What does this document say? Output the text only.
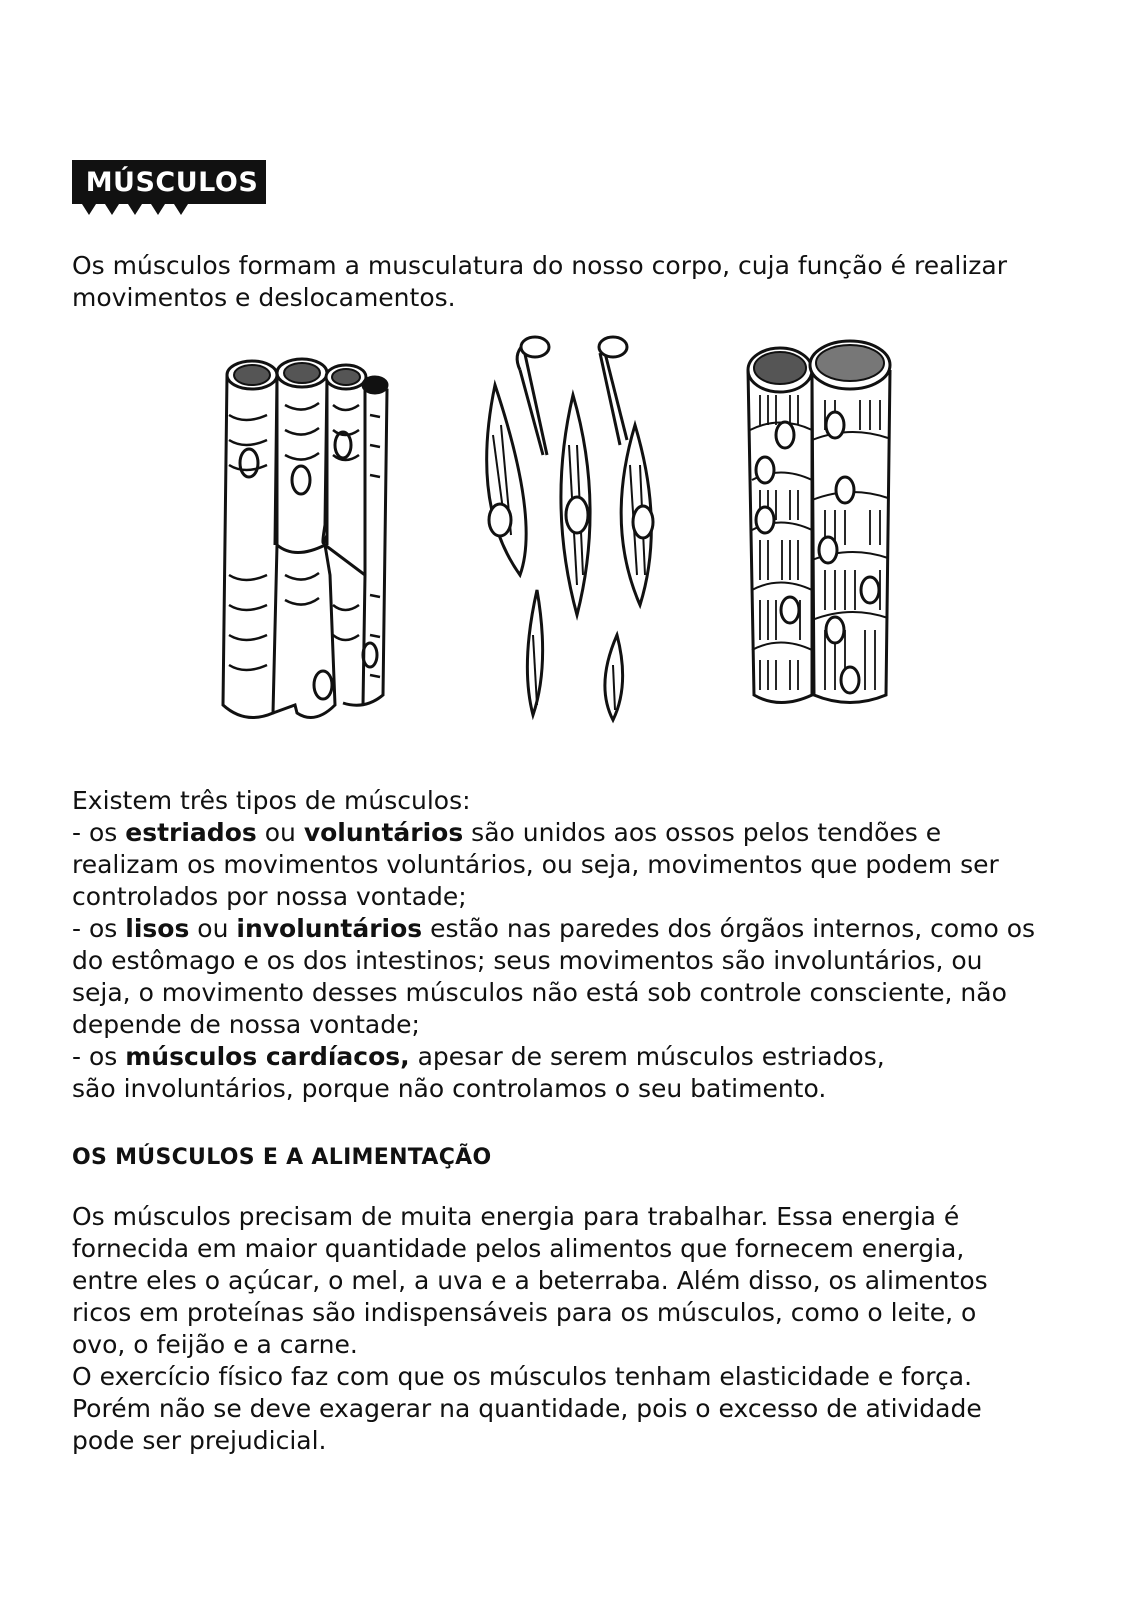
MÚSCULOS

Os músculos formam a musculatura do nosso corpo, cuja função é realizar
movimentos e deslocamentos.

Existem três tipos de músculos:
- os estriados ou voluntários são unidos aos ossos pelos tendões e
realizam os movimentos voluntários, ou seja, movimentos que podem ser
controlados por nossa vontade;
- os lisos ou involuntários estão nas paredes dos órgãos internos, como os
do estômago e os dos intestinos; seus movimentos são involuntários, ou
seja, o movimento desses músculos não está sob controle consciente, não
depende de nossa vontade;
- os músculos cardíacos, apesar de serem músculos estriados,
são involuntários, porque não controlamos o seu batimento.

OS MÚSCULOS E A ALIMENTAÇÃO

Os músculos precisam de muita energia para trabalhar. Essa energia é
fornecida em maior quantidade pelos alimentos que fornecem energia,
entre eles o açúcar, o mel, a uva e a beterraba. Além disso, os alimentos
ricos em proteínas são indispensáveis para os músculos, como o leite, o
ovo, o feijão e a carne.
O exercício físico faz com que os músculos tenham elasticidade e força.
Porém não se deve exagerar na quantidade, pois o excesso de atividade
pode ser prejudicial.
